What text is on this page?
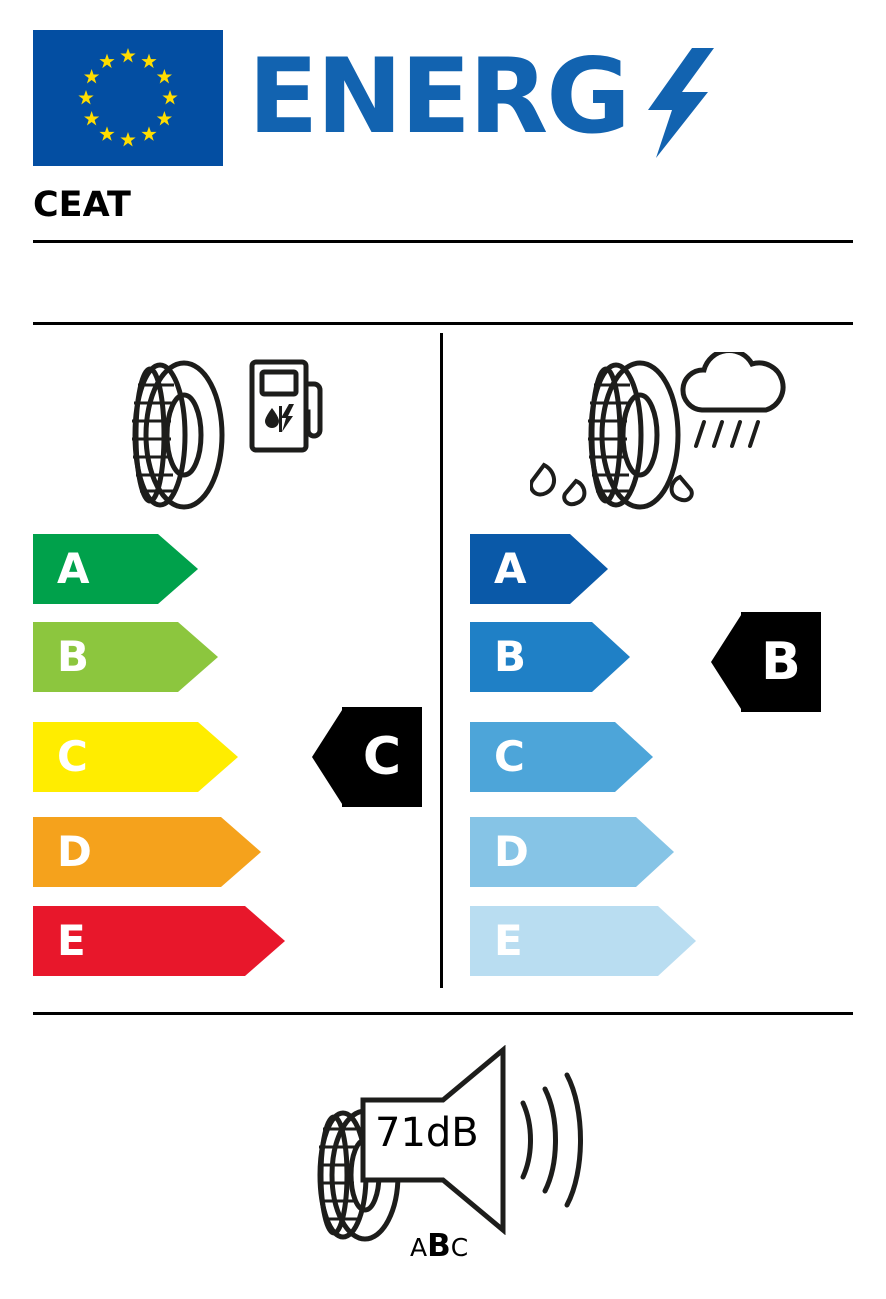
ENERG
CEAT
A
B
C
D
E
C
A
B
C
D
E
B
71dB
ABC
